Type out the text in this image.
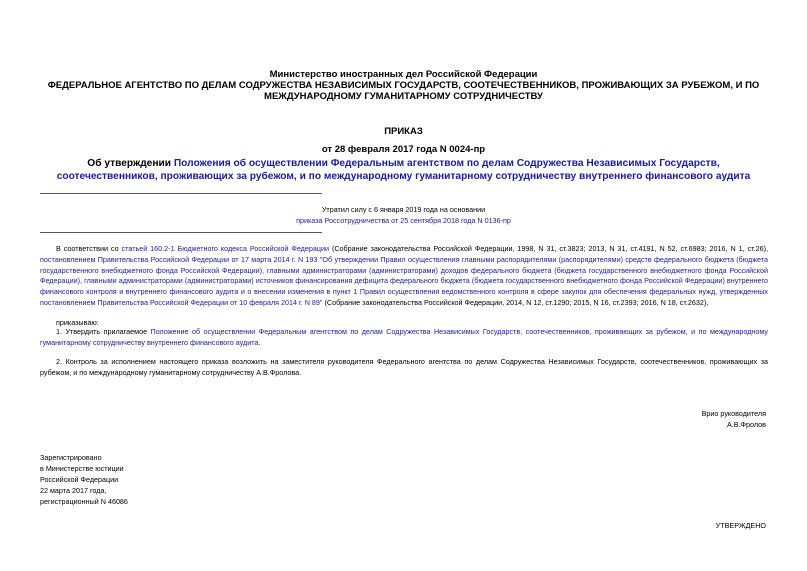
Министерство иностранных дел Российской Федерации
ФЕДЕРАЛЬНОЕ АГЕНТСТВО ПО ДЕЛАМ СОДРУЖЕСТВА НЕЗАВИСИМЫХ ГОСУДАРСТВ, СООТЕЧЕСТВЕННИКОВ, ПРОЖИВАЮЩИХ ЗА РУБЕЖОМ, И ПО МЕЖДУНАРОДНОМУ ГУМАНИТАРНОМУ СОТРУДНИЧЕСТВУ
ПРИКАЗ
от 28 февраля 2017 года N 0024-пр
Об утверждении Положения об осуществлении Федеральным агентством по делам Содружества Независимых Государств, соотечественников, проживающих за рубежом, и по международному гуманитарному сотрудничеству внутреннего финансового аудита
Утратил силу с 6 января 2019 года на основании
приказа Россотрудничества от 25 сентября 2018 года N 0136-пр
В соответствии со статьей 160.2-1 Бюджетного кодекса Российской Федерации (Собрание законодательства Российской Федерации, 1998, N 31, ст.3823; 2013, N 31, ст.4191, N 52, ст.6983; 2016, N 1, ст.26), постановлением Правительства Российской Федерации от 17 марта 2014 г. N 193 "Об утверждении Правил осуществления главными распорядителями (распорядителями) средств федерального бюджета (бюджета государственного внебюджетного фонда Российской Федерации), главными администраторами (администраторами) доходов федерального бюджета (бюджета государственного внебюджетного фонда Российской Федерации), главными администраторами (администраторами) источников финансирования дефицита федерального бюджета (бюджета государственного внебюджетного фонда Российской Федерации) внутреннего финансового контроля и внутреннего финансового аудита и о внесении изменения в пункт 1 Правил осуществления ведомственного контроля в сфере закупок для обеспечения федеральных нужд, утвержденных постановлением Правительства Российской Федерации от 10 февраля 2014 г. N 89" (Собрание законодательства Российской Федерации, 2014, N 12, ст.1290; 2015, N 16, ст.2393; 2016, N 18, ст.2632),
приказываю:
1. Утвердить прилагаемое Положение об осуществлении Федеральным агентством по делам Содружества Независимых Государств, соотечественников, проживающих за рубежом, и по международному гуманитарному сотрудничеству внутреннего финансового аудита.
2. Контроль за исполнением настоящего приказа возложить на заместителя руководителя Федерального агентства по делам Содружества Независимых Государств, соотечественников, проживающих за рубежом, и по международному гуманитарному сотрудничеству А.В.Фролова.
Врио руководителя
А.В.Фролов
Зарегистрировано
в Министерстве юстиции
Российской Федерации
22 марта 2017 года,
регистрационный N 46086
УТВЕРЖДЕНО
